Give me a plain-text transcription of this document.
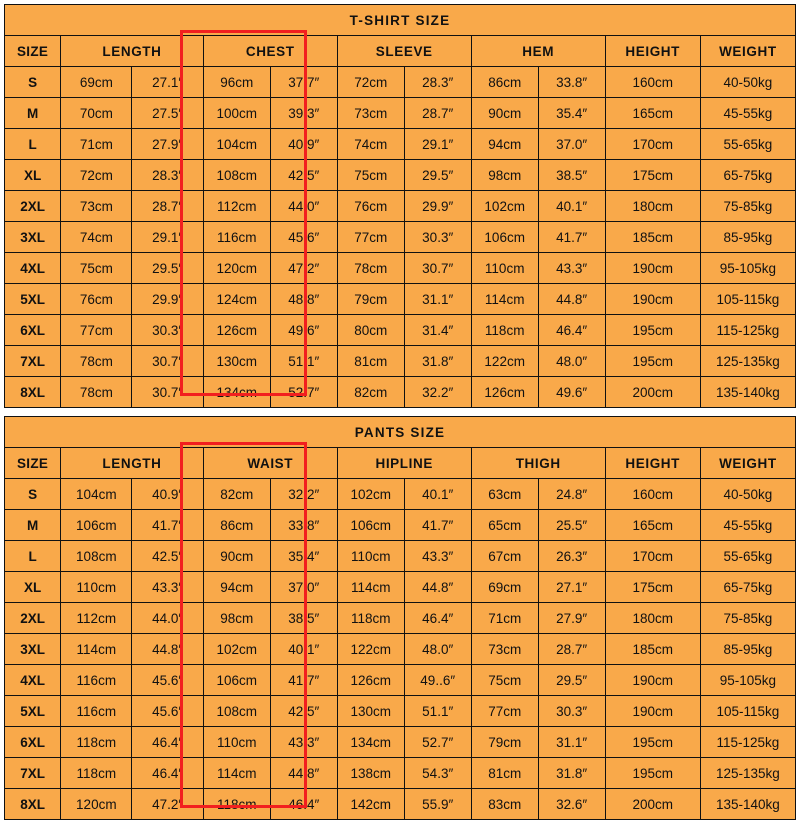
T-SHIRT SIZE										
SIZE	LENGTH		CHEST		SLEEVE		HEM		HEIGHT	WEIGHT
S	69cm	27.1″	96cm	37.7″	72cm	28.3″	86cm	33.8″	160cm	40-50kg
M	70cm	27.5″	100cm	39.3″	73cm	28.7″	90cm	35.4″	165cm	45-55kg
L	71cm	27.9″	104cm	40.9″	74cm	29.1″	94cm	37.0″	170cm	55-65kg
XL	72cm	28.3″	108cm	42.5″	75cm	29.5″	98cm	38.5″	175cm	65-75kg
2XL	73cm	28.7″	112cm	44.0″	76cm	29.9″	102cm	40.1″	180cm	75-85kg
3XL	74cm	29.1″	116cm	45.6″	77cm	30.3″	106cm	41.7″	185cm	85-95kg
4XL	75cm	29.5″	120cm	47.2″	78cm	30.7″	110cm	43.3″	190cm	95-105kg
5XL	76cm	29.9″	124cm	48.8″	79cm	31.1″	114cm	44.8″	190cm	105-115kg
6XL	77cm	30.3″	126cm	49.6″	80cm	31.4″	118cm	46.4″	195cm	115-125kg
7XL	78cm	30.7″	130cm	51.1″	81cm	31.8″	122cm	48.0″	195cm	125-135kg
8XL	78cm	30.7″	134cm	52.7″	82cm	32.2″	126cm	49.6″	200cm	135-140kg
PANTS SIZE										
SIZE	LENGTH		WAIST		HIPLINE		THIGH		HEIGHT	WEIGHT
S	104cm	40.9″	82cm	32.2″	102cm	40.1″	63cm	24.8″	160cm	40-50kg
M	106cm	41.7″	86cm	33.8″	106cm	41.7″	65cm	25.5″	165cm	45-55kg
L	108cm	42.5″	90cm	35.4″	110cm	43.3″	67cm	26.3″	170cm	55-65kg
XL	110cm	43.3″	94cm	37.0″	114cm	44.8″	69cm	27.1″	175cm	65-75kg
2XL	112cm	44.0″	98cm	38.5″	118cm	46.4″	71cm	27.9″	180cm	75-85kg
3XL	114cm	44.8″	102cm	40.1″	122cm	48.0″	73cm	28.7″	185cm	85-95kg
4XL	116cm	45.6″	106cm	41.7″	126cm	49..6″	75cm	29.5″	190cm	95-105kg
5XL	116cm	45.6″	108cm	42.5″	130cm	51.1″	77cm	30.3″	190cm	105-115kg
6XL	118cm	46.4″	110cm	43.3″	134cm	52.7″	79cm	31.1″	195cm	115-125kg
7XL	118cm	46.4″	114cm	44.8″	138cm	54.3″	81cm	31.8″	195cm	125-135kg
8XL	120cm	47.2″	118cm	46.4″	142cm	55.9″	83cm	32.6″	200cm	135-140kg
